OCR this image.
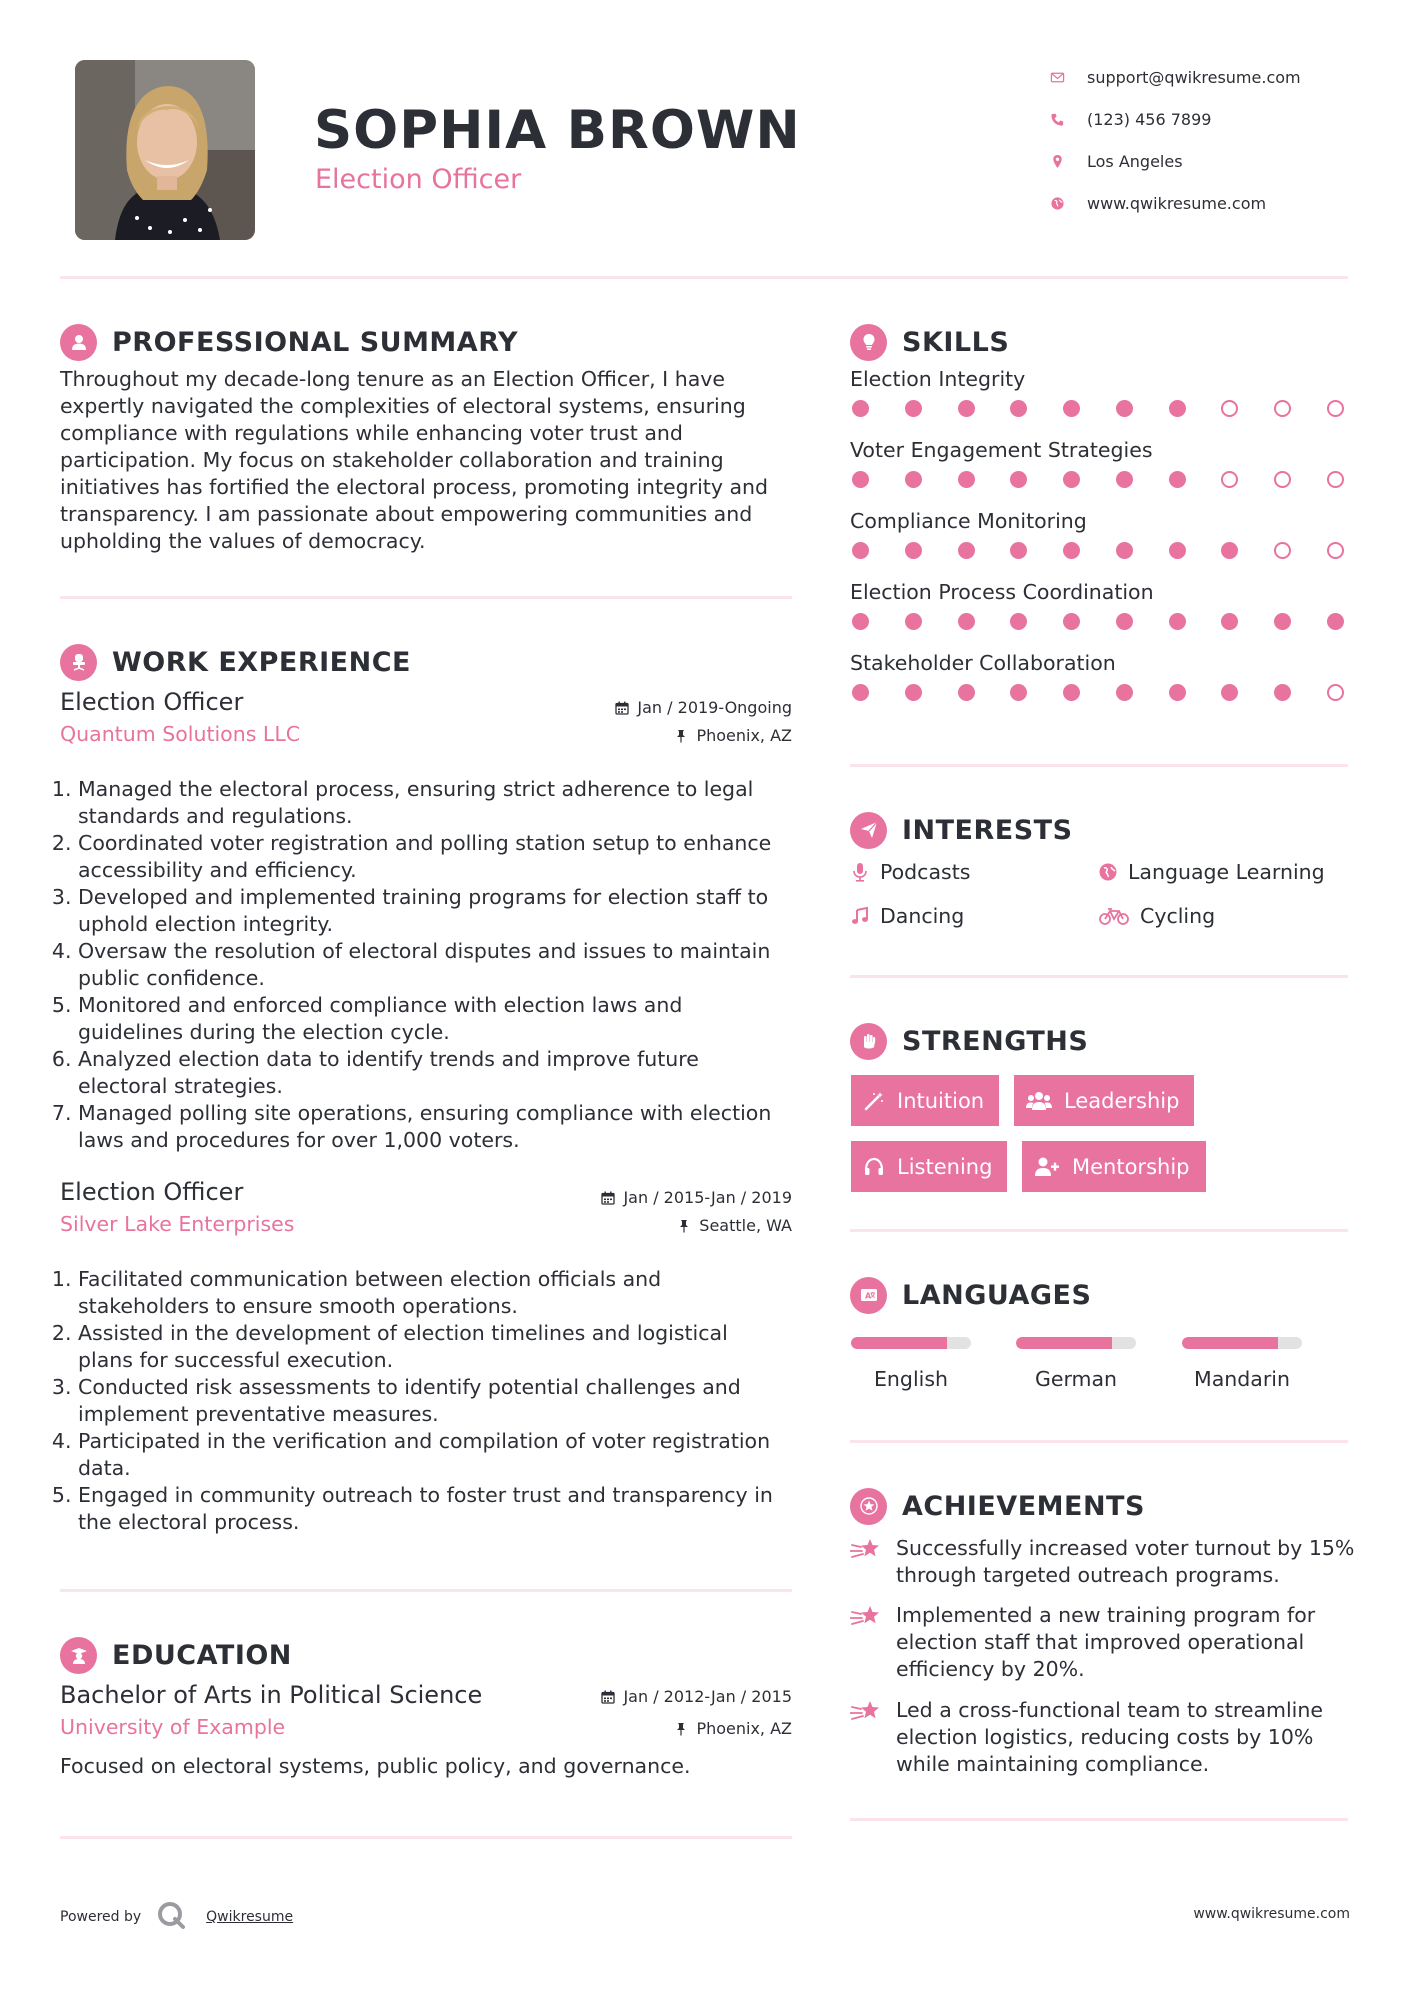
SOPHIA BROWN
Election Officer
support@qwikresume.com
(123) 456 7899
Los Angeles
www.qwikresume.com
PROFESSIONAL SUMMARY
Throughout my decade-long tenure as an Election Officer, I have
expertly navigated the complexities of electoral systems, ensuring
compliance with regulations while enhancing voter trust and
participation. My focus on stakeholder collaboration and training
initiatives has fortified the electoral process, promoting integrity and
transparency. I am passionate about empowering communities and
upholding the values of democracy.
WORK EXPERIENCE
Election Officer	Jan / 2019-Ongoing
Quantum Solutions LLC	Phoenix, AZ
1. Managed the electoral process, ensuring strict adherence to legal
standards and regulations.
2. Coordinated voter registration and polling station setup to enhance
accessibility and efficiency.
3. Developed and implemented training programs for election staff to
uphold election integrity.
4. Oversaw the resolution of electoral disputes and issues to maintain
public confidence.
5. Monitored and enforced compliance with election laws and
guidelines during the election cycle.
6. Analyzed election data to identify trends and improve future
electoral strategies.
7. Managed polling site operations, ensuring compliance with election
laws and procedures for over 1,000 voters.
Election Officer	Jan / 2015-Jan / 2019
Silver Lake Enterprises	Seattle, WA
1. Facilitated communication between election officials and
stakeholders to ensure smooth operations.
2. Assisted in the development of election timelines and logistical
plans for successful execution.
3. Conducted risk assessments to identify potential challenges and
implement preventative measures.
4. Participated in the verification and compilation of voter registration
data.
5. Engaged in community outreach to foster trust and transparency in
the electoral process.
EDUCATION
Bachelor of Arts in Political Science	Jan / 2012-Jan / 2015
University of Example	Phoenix, AZ
Focused on electoral systems, public policy, and governance.
SKILLS
Election Integrity
Voter Engagement Strategies
Compliance Monitoring
Election Process Coordination
Stakeholder Collaboration
INTERESTS
Podcasts	Language Learning
Dancing	Cycling
STRENGTHS
Intuition	Leadership
Listening	Mentorship
A LANGUAGES
English	German	Mandarin
ACHIEVEMENTS
Successfully increased voter turnout by 15%
through targeted outreach programs.
Implemented a new training program for
election staff that improved operational
efficiency by 20%.
Led a cross-functional team to streamline
election logistics, reducing costs by 10%
while maintaining compliance.
Powered by	Qwikresume	www.qwikresume.com
